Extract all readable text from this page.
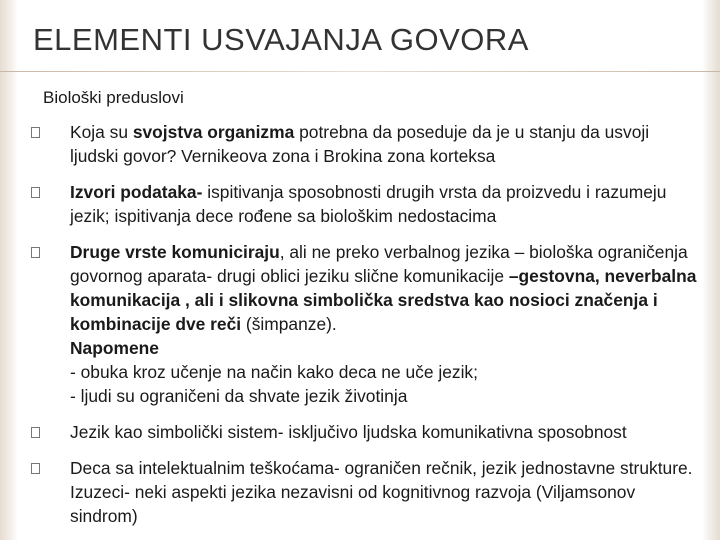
ELEMENTI USVAJANJA GOVORA
Biološki preduslovi
Kojа su svojstva organizma potrebna da poseduje da je u stanju da usvoji ljudski govor? Vernikeova zona i Brokina zona korteksa
Izvori podataka- ispitivanja sposobnosti drugih vrsta da proizvedu i razumeju jezik; ispitivanja dece rođene sa biološkim nedostacima
Druge vrste komuniciraju, ali ne preko verbalnog jezika – biološka ograničenja govornog aparata- drugi oblici jeziku slične komunikacije –gestovna, neverbalna komunikacija , ali i slikovna simbolička sredstva kao nosioci značenja i kombinacije dve reči (šimpanze).
Napomene
- obuka kroz učenje na način kako deca ne uče jezik;
- ljudi su ograničeni da shvate jezik životinja
Jezik kao simbolički sistem- isključivo ljudska komunikativna sposobnost
Deca sa intelektualnim teškoćama- ograničen rečnik, jezik jednostavne strukture. Izuzeci- neki aspekti jezika nezavisni od kognitivnog razvoja (Viljamsonov sindrom)
